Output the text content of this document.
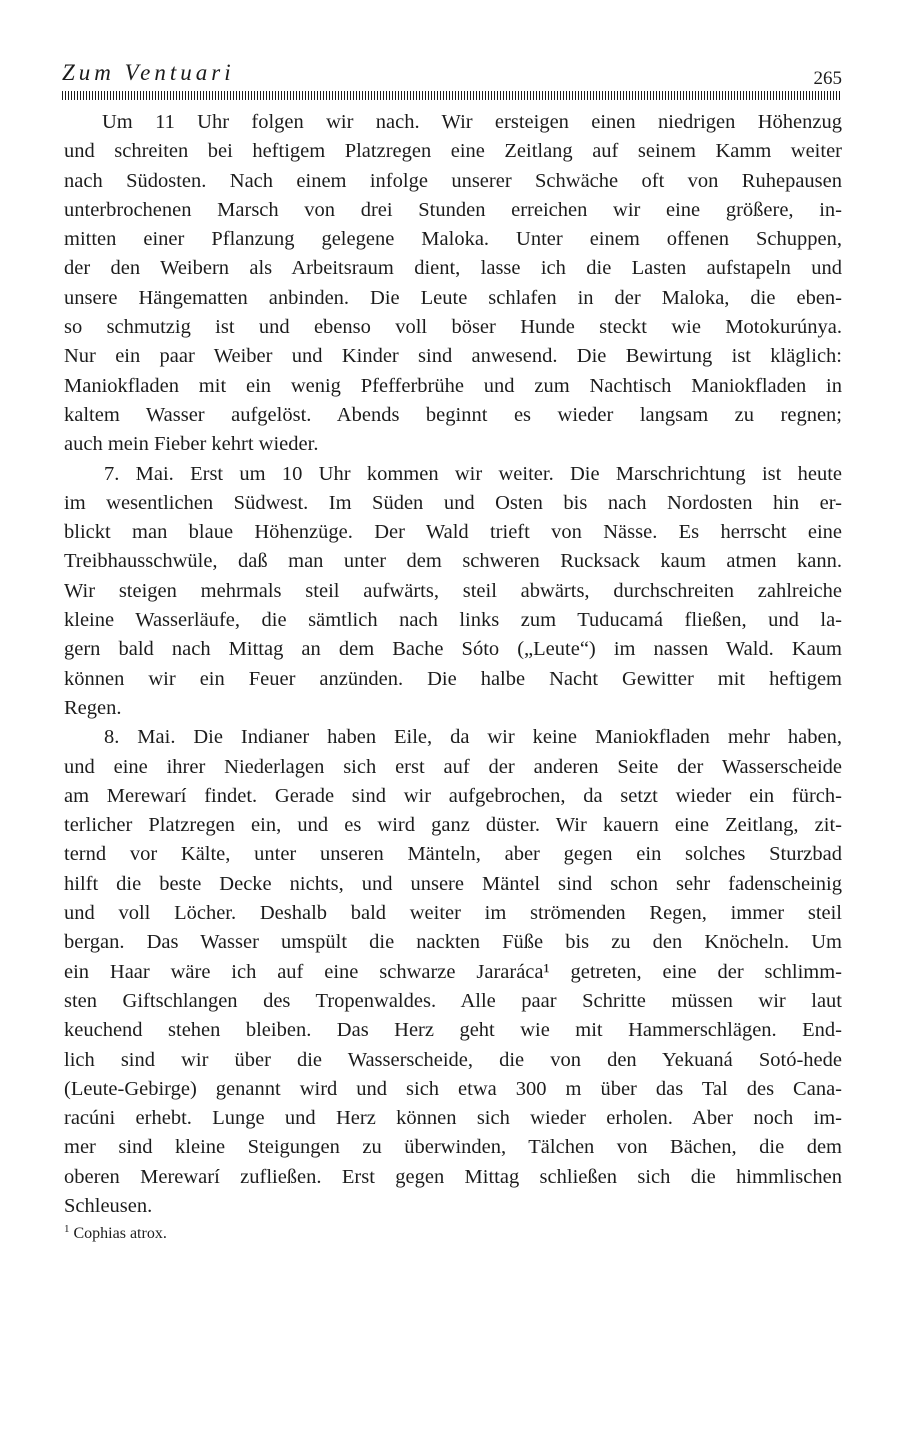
Zum Ventuari	265
Um 11 Uhr folgen wir nach. Wir ersteigen einen niedrigen Höhenzug
und schreiten bei heftigem Platzregen eine Zeitlang auf seinem Kamm weiter
nach Südosten. Nach einem infolge unserer Schwäche oft von Ruhepausen
unterbrochenen Marsch von drei Stunden erreichen wir eine größere, in-
mitten einer Pflanzung gelegene Maloka. Unter einem offenen Schuppen,
der den Weibern als Arbeitsraum dient, lasse ich die Lasten aufstapeln und
unsere Hängematten anbinden. Die Leute schlafen in der Maloka, die eben-
so schmutzig ist und ebenso voll böser Hunde steckt wie Motokurúnya.
Nur ein paar Weiber und Kinder sind anwesend. Die Bewirtung ist kläglich:
Maniokfladen mit ein wenig Pfefferbrühe und zum Nachtisch Maniokfladen in
kaltem Wasser aufgelöst. Abends beginnt es wieder langsam zu regnen;
auch mein Fieber kehrt wieder.
7. Mai. Erst um 10 Uhr kommen wir weiter. Die Marschrichtung ist heute
im wesentlichen Südwest. Im Süden und Osten bis nach Nordosten hin er-
blickt man blaue Höhenzüge. Der Wald trieft von Nässe. Es herrscht eine
Treibhausschwüle, daß man unter dem schweren Rucksack kaum atmen kann.
Wir steigen mehrmals steil aufwärts, steil abwärts, durchschreiten zahlreiche
kleine Wasserläufe, die sämtlich nach links zum Tuducamá fließen, und la-
gern bald nach Mittag an dem Bache Sóto („Leute“) im nassen Wald. Kaum
können wir ein Feuer anzünden. Die halbe Nacht Gewitter mit heftigem
Regen.
8. Mai. Die Indianer haben Eile, da wir keine Maniokfladen mehr haben,
und eine ihrer Niederlagen sich erst auf der anderen Seite der Wasserscheide
am Merewarí findet. Gerade sind wir aufgebrochen, da setzt wieder ein fürch-
terlicher Platzregen ein, und es wird ganz düster. Wir kauern eine Zeitlang, zit-
ternd vor Kälte, unter unseren Mänteln, aber gegen ein solches Sturzbad
hilft die beste Decke nichts, und unsere Mäntel sind schon sehr fadenscheinig
und voll Löcher. Deshalb bald weiter im strömenden Regen, immer steil
bergan. Das Wasser umspült die nackten Füße bis zu den Knöcheln. Um
ein Haar wäre ich auf eine schwarze Jararáca¹ getreten, eine der schlimm-
sten Giftschlangen des Tropenwaldes. Alle paar Schritte müssen wir laut
keuchend stehen bleiben. Das Herz geht wie mit Hammerschlägen. End-
lich sind wir über die Wasserscheide, die von den Yekuaná Sotó-hede
(Leute-Gebirge) genannt wird und sich etwa 300 m über das Tal des Cana-
racúni erhebt. Lunge und Herz können sich wieder erholen. Aber noch im-
mer sind kleine Steigungen zu überwinden, Tälchen von Bächen, die dem
oberen Merewarí zufließen. Erst gegen Mittag schließen sich die himmlischen
Schleusen.
$^1$ Cophias atrox.
